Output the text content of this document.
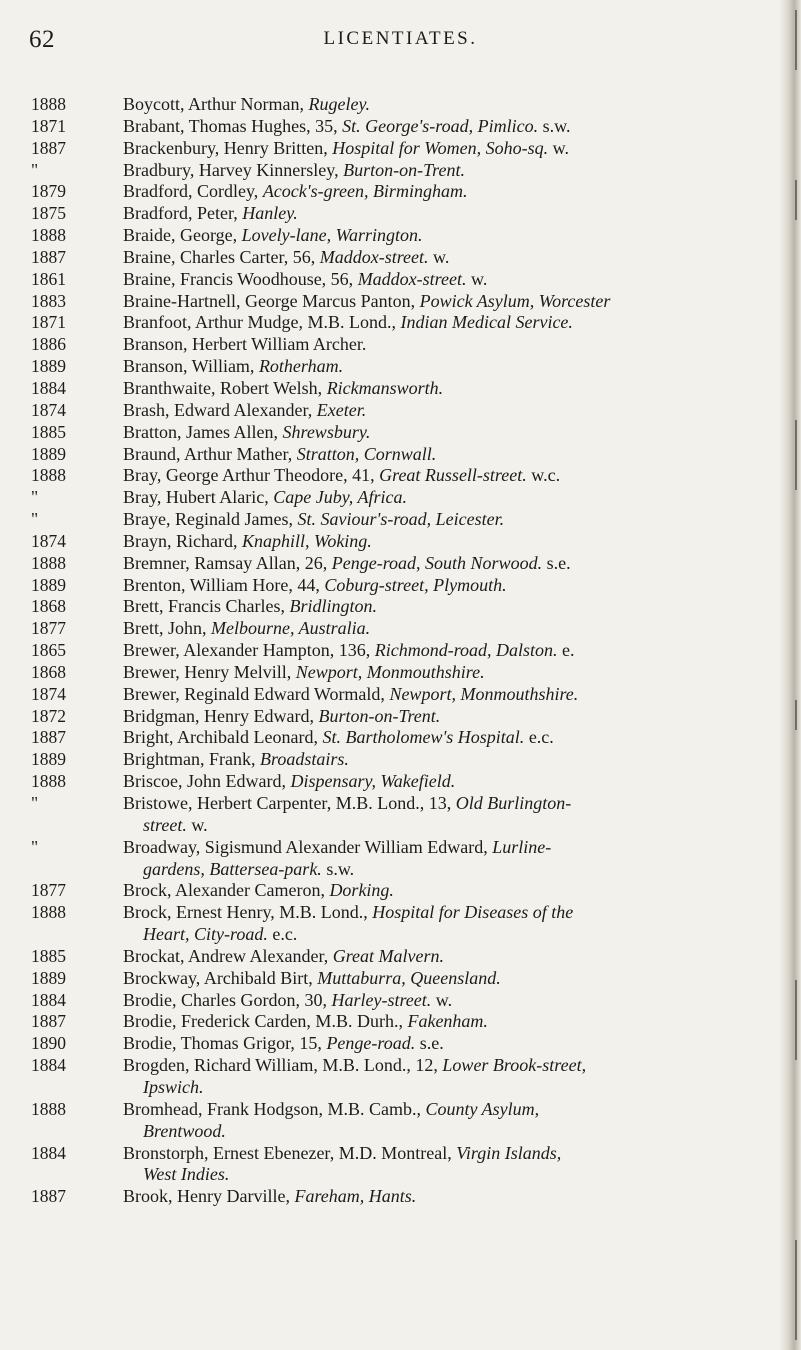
62	LICENTIATES.
1888	Boycott, Arthur Norman, Rugeley.
1871	Brabant, Thomas Hughes, 35, St. George's-road, Pimlico. s.w.
1887	Brackenbury, Henry Britten, Hospital for Women, Soho-sq. w.
"	Bradbury, Harvey Kinnersley, Burton-on-Trent.
1879	Bradford, Cordley, Acock's-green, Birmingham.
1875	Bradford, Peter, Hanley.
1888	Braide, George, Lovely-lane, Warrington.
1887	Braine, Charles Carter, 56, Maddox-street. w.
1861	Braine, Francis Woodhouse, 56, Maddox-street. w.
1883	Braine-Hartnell, George Marcus Panton, Powick Asylum, Worcester
1871	Branfoot, Arthur Mudge, M.B. Lond., Indian Medical Service.
1886	Branson, Herbert William Archer.
1889	Branson, William, Rotherham.
1884	Branthwaite, Robert Welsh, Rickmansworth.
1874	Brash, Edward Alexander, Exeter.
1885	Bratton, James Allen, Shrewsbury.
1889	Braund, Arthur Mather, Stratton, Cornwall.
1888	Bray, George Arthur Theodore, 41, Great Russell-street. w.c.
"	Bray, Hubert Alaric, Cape Juby, Africa.
"	Braye, Reginald James, St. Saviour's-road, Leicester.
1874	Brayn, Richard, Knaphill, Woking.
1888	Bremner, Ramsay Allan, 26, Penge-road, South Norwood. s.e.
1889	Brenton, William Hore, 44, Coburg-street, Plymouth.
1868	Brett, Francis Charles, Bridlington.
1877	Brett, John, Melbourne, Australia.
1865	Brewer, Alexander Hampton, 136, Richmond-road, Dalston. e.
1868	Brewer, Henry Melvill, Newport, Monmouthshire.
1874	Brewer, Reginald Edward Wormald, Newport, Monmouthshire.
1872	Bridgman, Henry Edward, Burton-on-Trent.
1887	Bright, Archibald Leonard, St. Bartholomew's Hospital. e.c.
1889	Brightman, Frank, Broadstairs.
1888	Briscoe, John Edward, Dispensary, Wakefield.
"	Bristowe, Herbert Carpenter, M.B. Lond., 13, Old Burlington-
street. w.
"	Broadway, Sigismund Alexander William Edward, Lurline-
gardens, Battersea-park. s.w.
1877	Brock, Alexander Cameron, Dorking.
1888	Brock, Ernest Henry, M.B. Lond., Hospital for Diseases of the
Heart, City-road. e.c.
1885	Brockat, Andrew Alexander, Great Malvern.
1889	Brockway, Archibald Birt, Muttaburra, Queensland.
1884	Brodie, Charles Gordon, 30, Harley-street. w.
1887	Brodie, Frederick Carden, M.B. Durh., Fakenham.
1890	Brodie, Thomas Grigor, 15, Penge-road. s.e.
1884	Brogden, Richard William, M.B. Lond., 12, Lower Brook-street,
Ipswich.
1888	Bromhead, Frank Hodgson, M.B. Camb., County Asylum,
Brentwood.
1884	Bronstorph, Ernest Ebenezer, M.D. Montreal, Virgin Islands,
West Indies.
1887	Brook, Henry Darville, Fareham, Hants.
